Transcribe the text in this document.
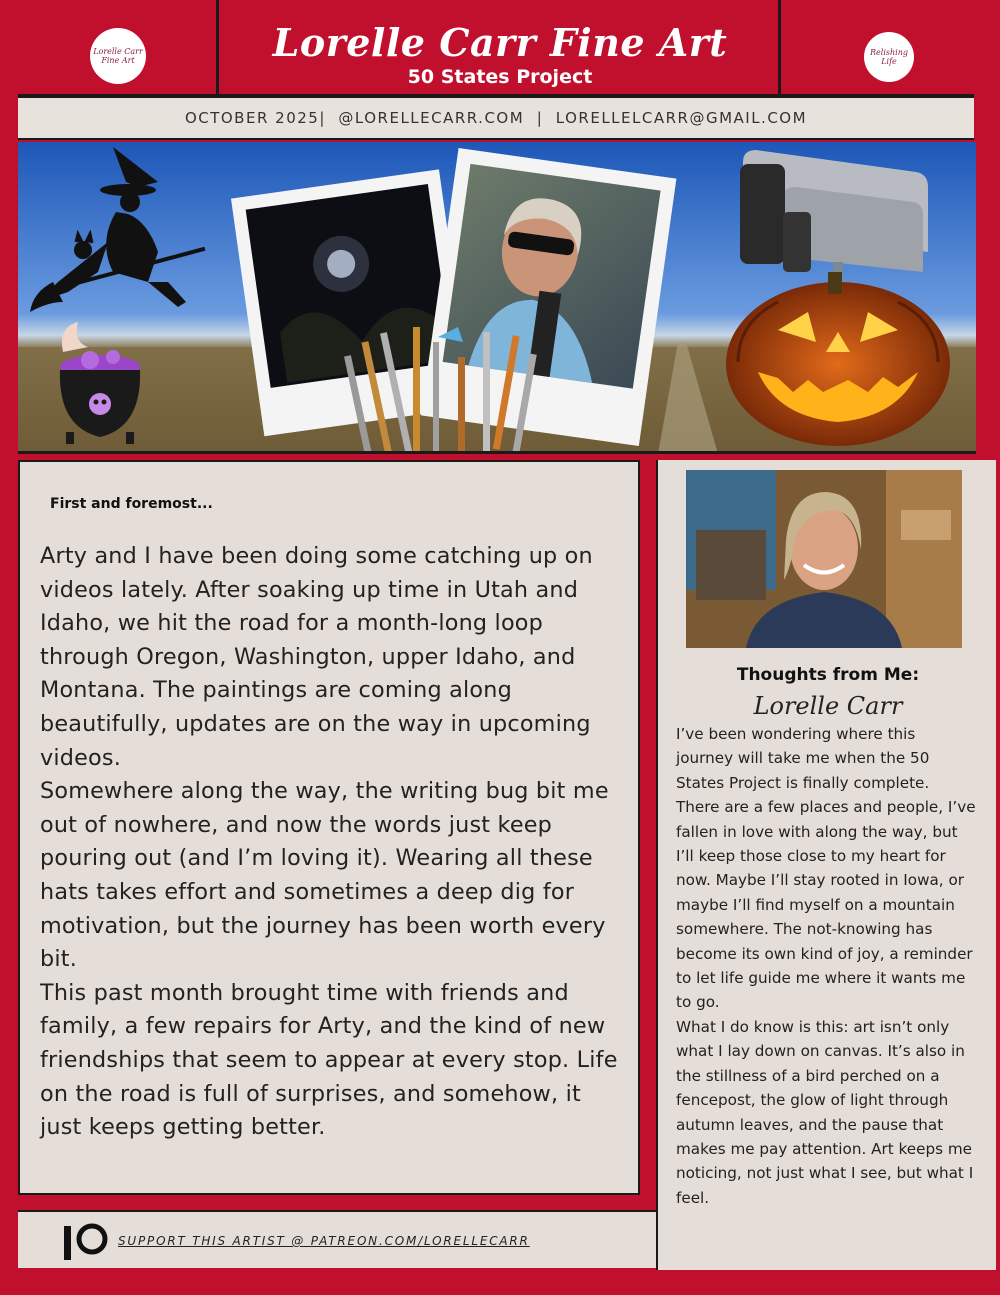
Lorelle Carr Fine Art	Lorelle Carr Fine Art
50 States Project
Relishing Life
OCTOBER 2025|  @LORELLECARR.COM  |  LORELLELCARR@GMAIL.COM
First and foremost...

Arty and I have been doing some catching up on videos lately. After soaking up time in Utah and Idaho, we hit the road for a month-long loop through Oregon, Washington, upper Idaho, and Montana. The paintings are coming along beautifully, updates are on the way in upcoming videos.

Somewhere along the way, the writing bug bit me out of nowhere, and now the words just keep pouring out (and I’m loving it). Wearing all these hats takes effort and sometimes a deep dig for motivation, but the journey has been worth every bit.

This past month brought time with friends and family, a few repairs for Arty, and the kind of new friendships that seem to appear at every stop. Life on the road is full of surprises, and somehow, it just keeps getting better.

SUPPORT THIS ARTIST @ PATREON.COM/LORELLECARR
Thoughts from Me:
Lorelle Carr

I’ve been wondering where this journey will take me when the 50 States Project is finally complete. There are a few places and people, I’ve fallen in love with along the way, but I’ll keep those close to my heart for now. Maybe I’ll stay rooted in Iowa, or maybe I’ll find myself on a mountain somewhere. The not-knowing has become its own kind of joy, a reminder to let life guide me where it wants me to go.

What I do know is this: art isn’t only what I lay down on canvas. It’s also in the stillness of a bird perched on a fencepost, the glow of light through autumn leaves, and the pause that makes me pay attention. Art keeps me noticing, not just what I see, but what I feel.
